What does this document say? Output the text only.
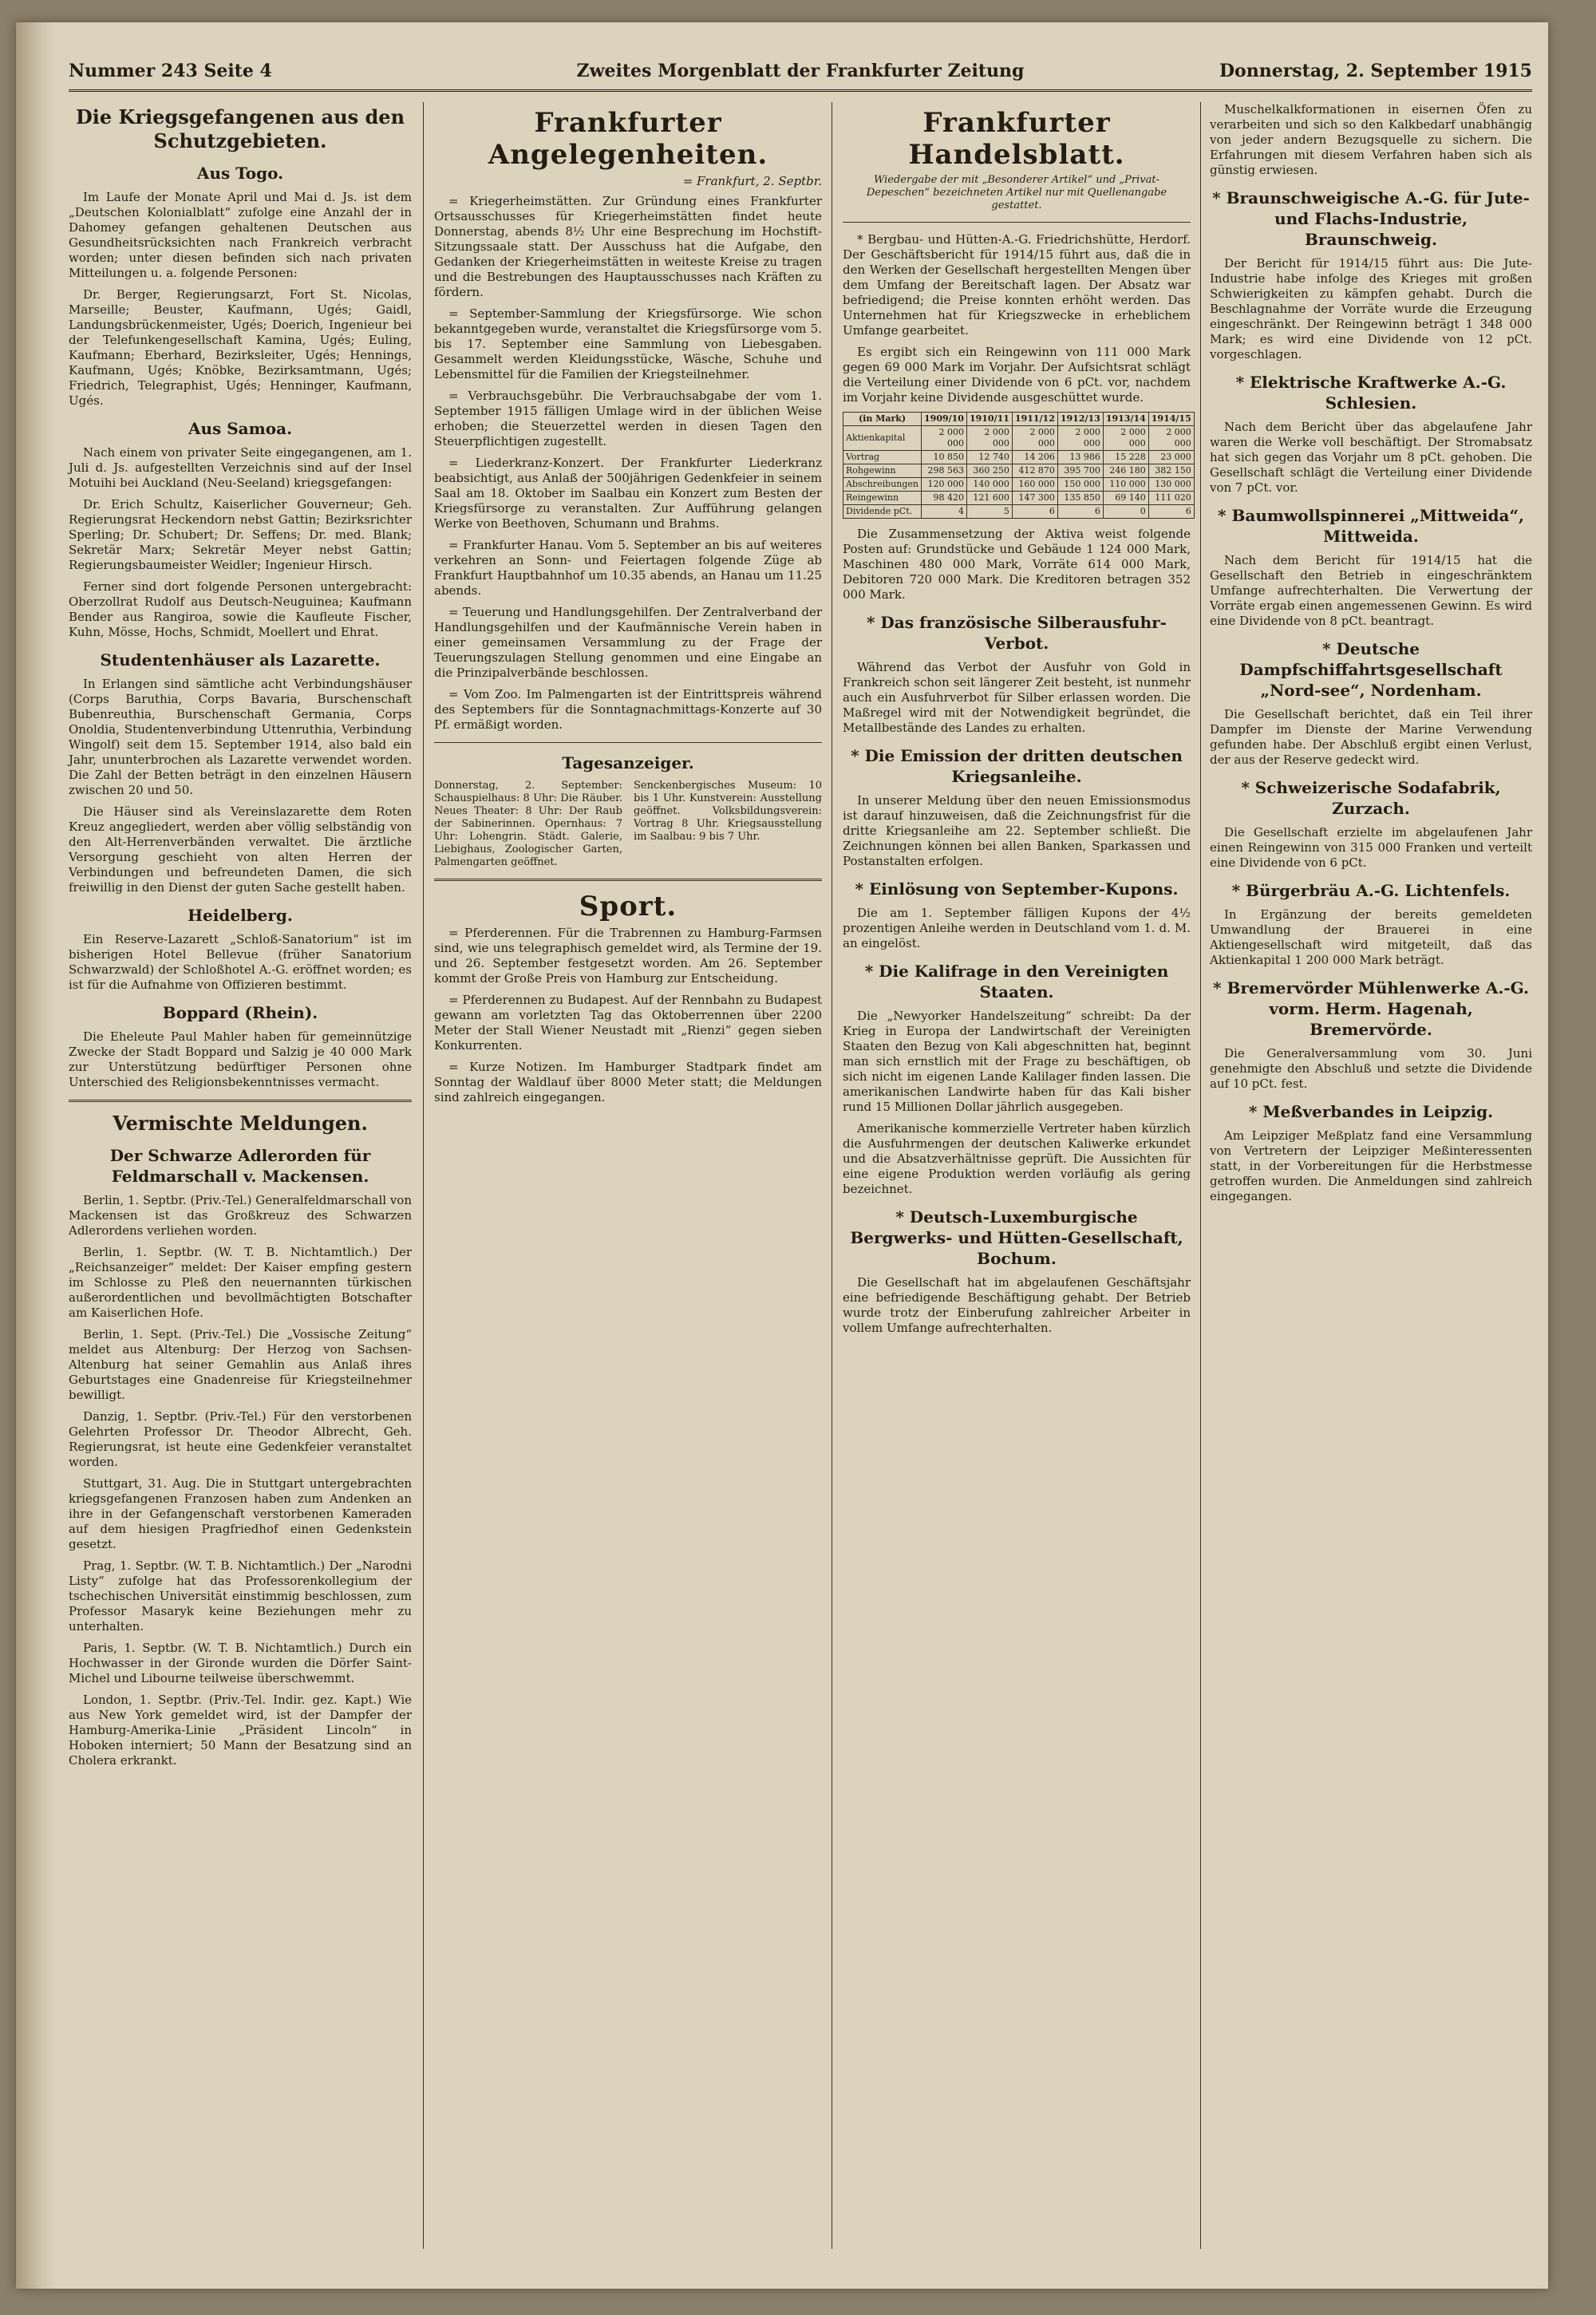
Nummer 243 Seite 4	Zweites Morgenblatt der Frankfurter Zeitung	Donnerstag, 2. September 1915
Die Kriegsgefangenen aus den Schutzgebieten.
Aus Togo.

Im Laufe der Monate April und Mai d. Js. ist dem „Deutschen Kolonialblatt“ zufolge eine Anzahl der in Dahomey gefangen gehaltenen Deutschen aus Gesundheitsrücksichten nach Frankreich verbracht worden; unter diesen befinden sich nach privaten Mitteilungen u. a. folgende Personen:

Dr. Berger, Regierungsarzt, Fort St. Nicolas, Marseille; Beuster, Kaufmann, Ugés; Gaidl, Landungsbrückenmeister, Ugés; Doerich, Ingenieur bei der Telefunkengesellschaft Kamina, Ugés; Euling, Kaufmann; Eberhard, Bezirksleiter, Ugés; Hennings, Kaufmann, Ugés; Knöbke, Bezirksamtmann, Ugés; Friedrich, Telegraphist, Ugés; Henninger, Kaufmann, Ugés.

Aus Samoa.

Nach einem von privater Seite eingegangenen, am 1. Juli d. Js. aufgestellten Verzeichnis sind auf der Insel Motuihi bei Auckland (Neu-Seeland) kriegsgefangen:

Dr. Erich Schultz, Kaiserlicher Gouverneur; Geh. Regierungsrat Heckendorn nebst Gattin; Bezirksrichter Sperling; Dr. Schubert; Dr. Seffens; Dr. med. Blank; Sekretär Marx; Sekretär Meyer nebst Gattin; Regierungsbaumeister Weidler; Ingenieur Hirsch.

Ferner sind dort folgende Personen untergebracht: Oberzollrat Rudolf aus Deutsch-Neuguinea; Kaufmann Bender aus Rangiroa, sowie die Kaufleute Fischer, Kuhn, Mösse, Hochs, Schmidt, Moellert und Ehrat.

Studentenhäuser als Lazarette.

In Erlangen sind sämtliche acht Verbindungshäuser (Corps Baruthia, Corps Bavaria, Burschenschaft Bubenreuthia, Burschenschaft Germania, Corps Onoldia, Studentenverbindung Uttenruthia, Verbindung Wingolf) seit dem 15. September 1914, also bald ein Jahr, ununterbrochen als Lazarette verwendet worden. Die Zahl der Betten beträgt in den einzelnen Häusern zwischen 20 und 50.

Die Häuser sind als Vereinslazarette dem Roten Kreuz angegliedert, werden aber völlig selbständig von den Alt-Herrenverbänden verwaltet. Die ärztliche Versorgung geschieht von alten Herren der Verbindungen und befreundeten Damen, die sich freiwillig in den Dienst der guten Sache gestellt haben.

Heidelberg.

Ein Reserve-Lazarett „Schloß-Sanatorium“ ist im bisherigen Hotel Bellevue (früher Sanatorium Schwarzwald) der Schloßhotel A.-G. eröffnet worden; es ist für die Aufnahme von Offizieren bestimmt.

Boppard (Rhein).

Die Eheleute Paul Mahler haben für gemeinnützige Zwecke der Stadt Boppard und Salzig je 40 000 Mark zur Unterstützung bedürftiger Personen ohne Unterschied des Religionsbekenntnisses vermacht.

Vermischte Meldungen.
Der Schwarze Adlerorden für Feldmarschall v. Mackensen.

Berlin, 1. Septbr. (Priv.-Tel.) Generalfeldmarschall von Mackensen ist das Großkreuz des Schwarzen Adlerordens verliehen worden.

Berlin, 1. Septbr. (W. T. B. Nichtamtlich.) Der „Reichsanzeiger“ meldet: Der Kaiser empfing gestern im Schlosse zu Pleß den neuernannten türkischen außerordentlichen und bevollmächtigten Botschafter am Kaiserlichen Hofe.

Berlin, 1. Sept. (Priv.-Tel.) Die „Vossische Zeitung“ meldet aus Altenburg: Der Herzog von Sachsen-Altenburg hat seiner Gemahlin aus Anlaß ihres Geburtstages eine Gnadenreise für Kriegsteilnehmer bewilligt.

Danzig, 1. Septbr. (Priv.-Tel.) Für den verstorbenen Gelehrten Professor Dr. Theodor Albrecht, Geh. Regierungsrat, ist heute eine Gedenkfeier veranstaltet worden.

Stuttgart, 31. Aug. Die in Stuttgart untergebrachten kriegsgefangenen Franzosen haben zum Andenken an ihre in der Gefangenschaft verstorbenen Kameraden auf dem hiesigen Pragfriedhof einen Gedenkstein gesetzt.

Prag, 1. Septbr. (W. T. B. Nichtamtlich.) Der „Narodni Listy“ zufolge hat das Professorenkollegium der tschechischen Universität einstimmig beschlossen, zum Professor Masaryk keine Beziehungen mehr zu unterhalten.

Paris, 1. Septbr. (W. T. B. Nichtamtlich.) Durch ein Hochwasser in der Gironde wurden die Dörfer Saint-Michel und Libourne teilweise überschwemmt.

London, 1. Septbr. (Priv.-Tel. Indir. gez. Kapt.) Wie aus New York gemeldet wird, ist der Dampfer der Hamburg-Amerika-Linie „Präsident Lincoln“ in Hoboken interniert; 50 Mann der Besatzung sind an Cholera erkrankt.

Frankfurter Angelegenheiten.
= Frankfurt, 2. Septbr.

= Kriegerheimstätten. Zur Gründung eines Frankfurter Ortsausschusses für Kriegerheimstätten findet heute Donnerstag, abends 8½ Uhr eine Besprechung im Hochstift-Sitzungssaale statt. Der Ausschuss hat die Aufgabe, den Gedanken der Kriegerheimstätten in weiteste Kreise zu tragen und die Bestrebungen des Hauptausschusses nach Kräften zu fördern.

= September-Sammlung der Kriegsfürsorge. Wie schon bekanntgegeben wurde, veranstaltet die Kriegsfürsorge vom 5. bis 17. September eine Sammlung von Liebesgaben. Gesammelt werden Kleidungsstücke, Wäsche, Schuhe und Lebensmittel für die Familien der Kriegsteilnehmer.

= Verbrauchsgebühr. Die Verbrauchsabgabe der vom 1. September 1915 fälligen Umlage wird in der üblichen Weise erhoben; die Steuerzettel werden in diesen Tagen den Steuerpflichtigen zugestellt.

= Liederkranz-Konzert. Der Frankfurter Liederkranz beabsichtigt, aus Anlaß der 500jährigen Gedenkfeier in seinem Saal am 18. Oktober im Saalbau ein Konzert zum Besten der Kriegsfürsorge zu veranstalten. Zur Aufführung gelangen Werke von Beethoven, Schumann und Brahms.

= Frankfurter Hanau. Vom 5. September an bis auf weiteres verkehren an Sonn- und Feiertagen folgende Züge ab Frankfurt Hauptbahnhof um 10.35 abends, an Hanau um 11.25 abends.

= Teuerung und Handlungsgehilfen. Der Zentralverband der Handlungsgehilfen und der Kaufmännische Verein haben in einer gemeinsamen Versammlung zu der Frage der Teuerungszulagen Stellung genommen und eine Eingabe an die Prinzipalverbände beschlossen.

= Vom Zoo. Im Palmengarten ist der Eintrittspreis während des Septembers für die Sonntagnachmittags-Konzerte auf 30 Pf. ermäßigt worden.

Tagesanzeiger.
Donnerstag, 2. September: Schauspielhaus: 8 Uhr: Die Räuber. Neues Theater: 8 Uhr: Der Raub der Sabinerinnen. Opernhaus: 7 Uhr: Lohengrin. Städt. Galerie, Liebighaus, Zoologischer Garten, Palmengarten geöffnet.
Senckenbergisches Museum: 10 bis 1 Uhr. Kunstverein: Ausstellung geöffnet. Volksbildungsverein: Vortrag 8 Uhr. Kriegsausstellung im Saalbau: 9 bis 7 Uhr.
Sport.

= Pferderennen. Für die Trabrennen zu Hamburg-Farmsen sind, wie uns telegraphisch gemeldet wird, als Termine der 19. und 26. September festgesetzt worden. Am 26. September kommt der Große Preis von Hamburg zur Entscheidung.

= Pferderennen zu Budapest. Auf der Rennbahn zu Budapest gewann am vorletzten Tag das Oktoberrennen über 2200 Meter der Stall Wiener Neustadt mit „Rienzi“ gegen sieben Konkurrenten.

= Kurze Notizen. Im Hamburger Stadtpark findet am Sonntag der Waldlauf über 8000 Meter statt; die Meldungen sind zahlreich eingegangen.

Frankfurter Handelsblatt.
Wiedergabe der mit „Besonderer Artikel“ und „Privat-Depeschen“ bezeichneten Artikel nur mit Quellenangabe gestattet.

* Bergbau- und Hütten-A.-G. Friedrichshütte, Herdorf. Der Geschäftsbericht für 1914/15 führt aus, daß die in den Werken der Gesellschaft hergestellten Mengen über dem Umfang der Bereitschaft lagen. Der Absatz war befriedigend; die Preise konnten erhöht werden. Das Unternehmen hat für Kriegszwecke in erheblichem Umfange gearbeitet.

Es ergibt sich ein Reingewinn von 111 000 Mark gegen 69 000 Mark im Vorjahr. Der Aufsichtsrat schlägt die Verteilung einer Dividende von 6 pCt. vor, nachdem im Vorjahr keine Dividende ausgeschüttet wurde.

(in Mark)	1909/10	1910/11	1911/12	1912/13	1913/14	1914/15
Aktienkapital	2 000 000	2 000 000	2 000 000	2 000 000	2 000 000	2 000 000
Vortrag	10 850	12 740	14 206	13 986	15 228	23 000
Rohgewinn	298 563	360 250	412 870	395 700	246 180	382 150
Abschreibungen	120 000	140 000	160 000	150 000	110 000	130 000
Reingewinn	98 420	121 600	147 300	135 850	69 140	111 020
Dividende pCt.	4	5	6	6	0	6

Die Zusammensetzung der Aktiva weist folgende Posten auf: Grundstücke und Gebäude 1 124 000 Mark, Maschinen 480 000 Mark, Vorräte 614 000 Mark, Debitoren 720 000 Mark. Die Kreditoren betragen 352 000 Mark.

* Das französische Silberausfuhr-Verbot.

Während das Verbot der Ausfuhr von Gold in Frankreich schon seit längerer Zeit besteht, ist nunmehr auch ein Ausfuhrverbot für Silber erlassen worden. Die Maßregel wird mit der Notwendigkeit begründet, die Metallbestände des Landes zu erhalten.

* Die Emission der dritten deutschen Kriegsanleihe.

In unserer Meldung über den neuen Emissionsmodus ist darauf hinzuweisen, daß die Zeichnungsfrist für die dritte Kriegsanleihe am 22. September schließt. Die Zeichnungen können bei allen Banken, Sparkassen und Postanstalten erfolgen.

* Einlösung von September-Kupons.

Die am 1. September fälligen Kupons der 4½ prozentigen Anleihe werden in Deutschland vom 1. d. M. an eingelöst.

* Die Kalifrage in den Vereinigten Staaten.

Die „Newyorker Handelszeitung“ schreibt: Da der Krieg in Europa der Landwirtschaft der Vereinigten Staaten den Bezug von Kali abgeschnitten hat, beginnt man sich ernstlich mit der Frage zu beschäftigen, ob sich nicht im eigenen Lande Kalilager finden lassen. Die amerikanischen Landwirte haben für das Kali bisher rund 15 Millionen Dollar jährlich ausgegeben.

Amerikanische kommerzielle Vertreter haben kürzlich die Ausfuhrmengen der deutschen Kaliwerke erkundet und die Absatzverhältnisse geprüft. Die Aussichten für eine eigene Produktion werden vorläufig als gering bezeichnet.

* Deutsch-Luxemburgische Bergwerks- und Hütten-Gesellschaft, Bochum.

Die Gesellschaft hat im abgelaufenen Geschäftsjahr eine befriedigende Beschäftigung gehabt. Der Betrieb wurde trotz der Einberufung zahlreicher Arbeiter in vollem Umfange aufrechterhalten.

Muschelkalkformationen in eisernen Öfen zu verarbeiten und sich so den Kalkbedarf unabhängig von jeder andern Bezugsquelle zu sichern. Die Erfahrungen mit diesem Verfahren haben sich als günstig erwiesen.

* Braunschweigische A.-G. für Jute- und Flachs-Industrie, Braunschweig.

Der Bericht für 1914/15 führt aus: Die Jute-Industrie habe infolge des Krieges mit großen Schwierigkeiten zu kämpfen gehabt. Durch die Beschlagnahme der Vorräte wurde die Erzeugung eingeschränkt. Der Reingewinn beträgt 1 348 000 Mark; es wird eine Dividende von 12 pCt. vorgeschlagen.

* Elektrische Kraftwerke A.-G. Schlesien.

Nach dem Bericht über das abgelaufene Jahr waren die Werke voll beschäftigt. Der Stromabsatz hat sich gegen das Vorjahr um 8 pCt. gehoben. Die Gesellschaft schlägt die Verteilung einer Dividende von 7 pCt. vor.

* Baumwollspinnerei „Mittweida“, Mittweida.

Nach dem Bericht für 1914/15 hat die Gesellschaft den Betrieb in eingeschränktem Umfange aufrechterhalten. Die Verwertung der Vorräte ergab einen angemessenen Gewinn. Es wird eine Dividende von 8 pCt. beantragt.

* Deutsche Dampfschiffahrtsgesellschaft „Nord-see“, Nordenham.

Die Gesellschaft berichtet, daß ein Teil ihrer Dampfer im Dienste der Marine Verwendung gefunden habe. Der Abschluß ergibt einen Verlust, der aus der Reserve gedeckt wird.

* Schweizerische Sodafabrik, Zurzach.

Die Gesellschaft erzielte im abgelaufenen Jahr einen Reingewinn von 315 000 Franken und verteilt eine Dividende von 6 pCt.

* Bürgerbräu A.-G. Lichtenfels.

In Ergänzung der bereits gemeldeten Umwandlung der Brauerei in eine Aktiengesellschaft wird mitgeteilt, daß das Aktienkapital 1 200 000 Mark beträgt.

* Bremervörder Mühlenwerke A.-G. vorm. Herm. Hagenah, Bremervörde.

Die Generalversammlung vom 30. Juni genehmigte den Abschluß und setzte die Dividende auf 10 pCt. fest.

* Meßverbandes in Leipzig.

Am Leipziger Meßplatz fand eine Versammlung von Vertretern der Leipziger Meßinteressenten statt, in der Vorbereitungen für die Herbstmesse getroffen wurden. Die Anmeldungen sind zahlreich eingegangen.
